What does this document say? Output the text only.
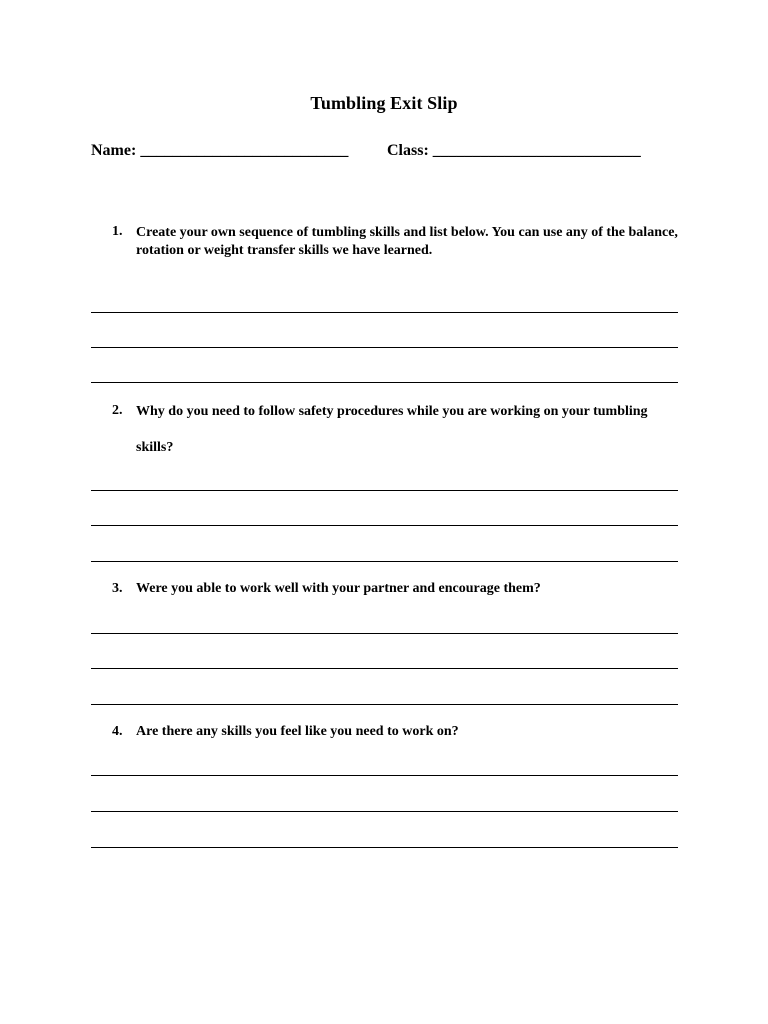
Tumbling Exit Slip
Name: __________________________ Class: __________________________
1. Create your own sequence of tumbling skills and list below. You can use any of the balance, rotation or weight transfer skills we have learned.
2. Why do you need to follow safety procedures while you are working on your tumbling skills?
3. Were you able to work well with your partner and encourage them?
4. Are there any skills you feel like you need to work on?
